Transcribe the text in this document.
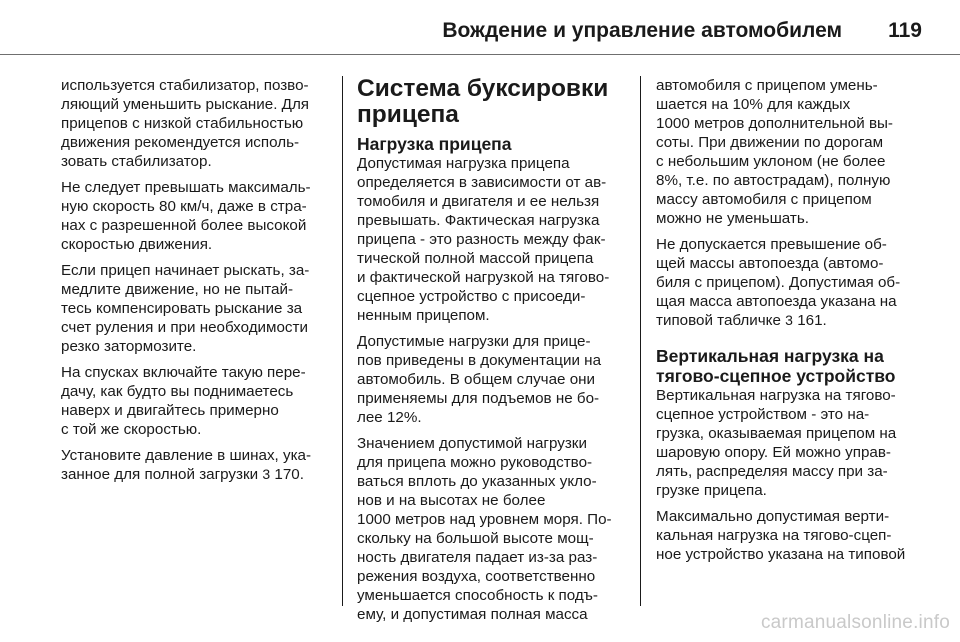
Вождение и управление автомобилем 119

используется стабилизатор, позво-
ляющий уменьшить рыскание. Для
прицепов с низкой стабильностью
движения рекомендуется исполь-
зовать стабилизатор.

Не следует превышать максималь-
ную скорость 80 км/ч, даже в стра-
нах с разрешенной более высокой
скоростью движения.

Если прицеп начинает рыскать, за-
медлите движение, но не пытай-
тесь компенсировать рыскание за
счет руления и при необходимости
резко затормозите.

На спусках включайте такую пере-
дачу, как будто вы поднимаетесь
наверх и двигайтесь примерно
с той же скоростью.

Установите давление в шинах, ука-
занное для полной загрузки 3 170.

Система буксировки
прицепа
Нагрузка прицепа

Допустимая нагрузка прицепа
определяется в зависимости от ав-
томобиля и двигателя и ее нельзя
превышать. Фактическая нагрузка
прицепа - это разность между фак-
тической полной массой прицепа
и фактической нагрузкой на тягово-
сцепное устройство с присоеди-
ненным прицепом.

Допустимые нагрузки для прице-
пов приведены в документации на
автомобиль. В общем случае они
применяемы для подъемов не бо-
лее 12%.

Значением допустимой нагрузки
для прицепа можно руководство-
ваться вплоть до указанных укло-
нов и на высотах не более
1000 метров над уровнем моря. По-
скольку на большой высоте мощ-
ность двигателя падает из-за раз-
режения воздуха, соответственно
уменьшается способность к подъ-
ему, и допустимая полная масса

автомобиля с прицепом умень-
шается на 10% для каждых
1000 метров дополнительной вы-
соты. При движении по дорогам
с небольшим уклоном (не более
8%, т.е. по автострадам), полную
массу автомобиля с прицепом
можно не уменьшать.

Не допускается превышение об-
щей массы автопоезда (автомо-
биля с прицепом). Допустимая об-
щая масса автопоезда указана на
типовой табличке 3 161.

Вертикальная нагрузка на
тягово-сцепное устройство

Вертикальная нагрузка на тягово-
сцепное устройством - это на-
грузка, оказываемая прицепом на
шаровую опору. Ей можно управ-
лять, распределяя массу при за-
грузке прицепа.

Максимально допустимая верти-
кальная нагрузка на тягово-сцеп-
ное устройство указана на типовой

carmanualsonline.info
